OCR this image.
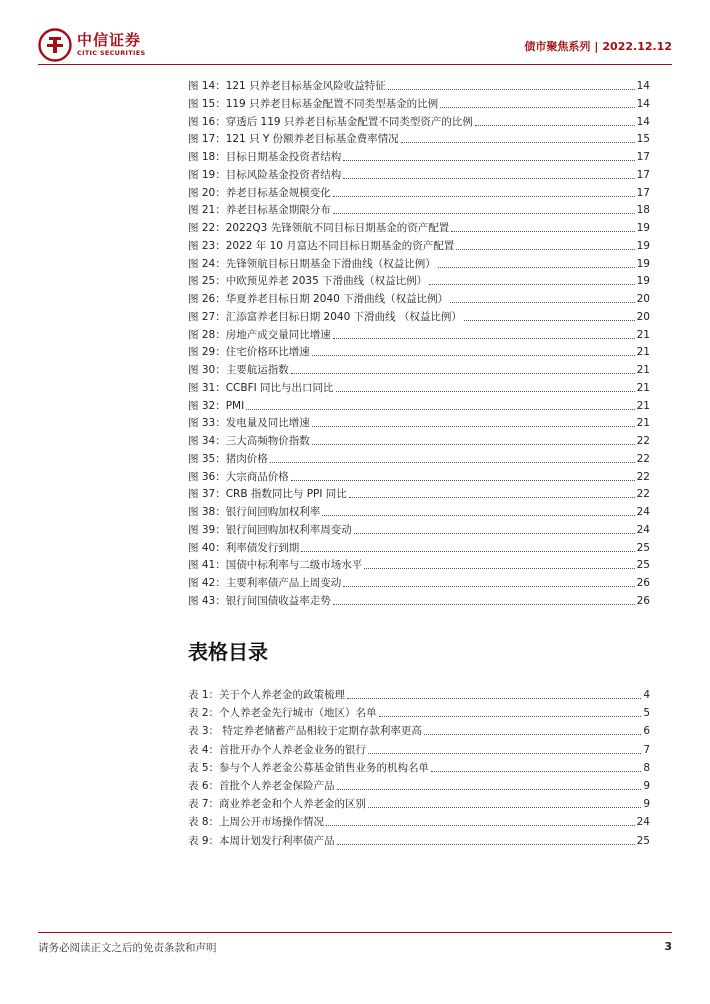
中信证券
CITIC SECURITIES
债市聚焦系列 | 2022.12.12
图 14：121 只养老目标基金风险收益特征	14
图 15：119 只养老目标基金配置不同类型基金的比例	14
图 16：穿透后 119 只养老目标基金配置不同类型资产的比例	14
图 17：121 只 Y 份额养老目标基金费率情况	15
图 18：目标日期基金投资者结构	17
图 19：目标风险基金投资者结构	17
图 20：养老目标基金规模变化	17
图 21：养老目标基金期限分布	18
图 22：2022Q3 先锋领航不同目标日期基金的资产配置	19
图 23：2022 年 10 月富达不同目标日期基金的资产配置	19
图 24：先锋领航目标日期基金下滑曲线（权益比例）	19
图 25：中欧预见养老 2035 下滑曲线（权益比例）	19
图 26：华夏养老目标日期 2040 下滑曲线（权益比例）	20
图 27：汇添富养老目标日期 2040 下滑曲线 （权益比例）	20
图 28：房地产成交量同比增速	21
图 29：住宅价格环比增速	21
图 30：主要航运指数	21
图 31：CCBFI 同比与出口同比	21
图 32：PMI	21
图 33：发电量及同比增速	21
图 34：三大高频物价指数	22
图 35：猪肉价格	22
图 36：大宗商品价格	22
图 37：CRB 指数同比与 PPI 同比	22
图 38：银行间回购加权利率	24
图 39：银行间回购加权利率周变动	24
图 40：利率债发行到期	25
图 41：国债中标利率与二级市场水平	25
图 42：主要利率债产品上周变动	26
图 43：银行间国债收益率走势	26
表格目录
表 1：关于个人养老金的政策梳理	4
表 2：个人养老金先行城市（地区）名单	5
表 3： 特定养老储蓄产品相较于定期存款利率更高	6
表 4：首批开办个人养老金业务的银行	7
表 5：参与个人养老金公募基金销售业务的机构名单	8
表 6：首批个人养老金保险产品	9
表 7：商业养老金和个人养老金的区别	9
表 8：上周公开市场操作情况	24
表 9：本周计划发行利率债产品	25
请务必阅读正文之后的免责条款和声明	3
